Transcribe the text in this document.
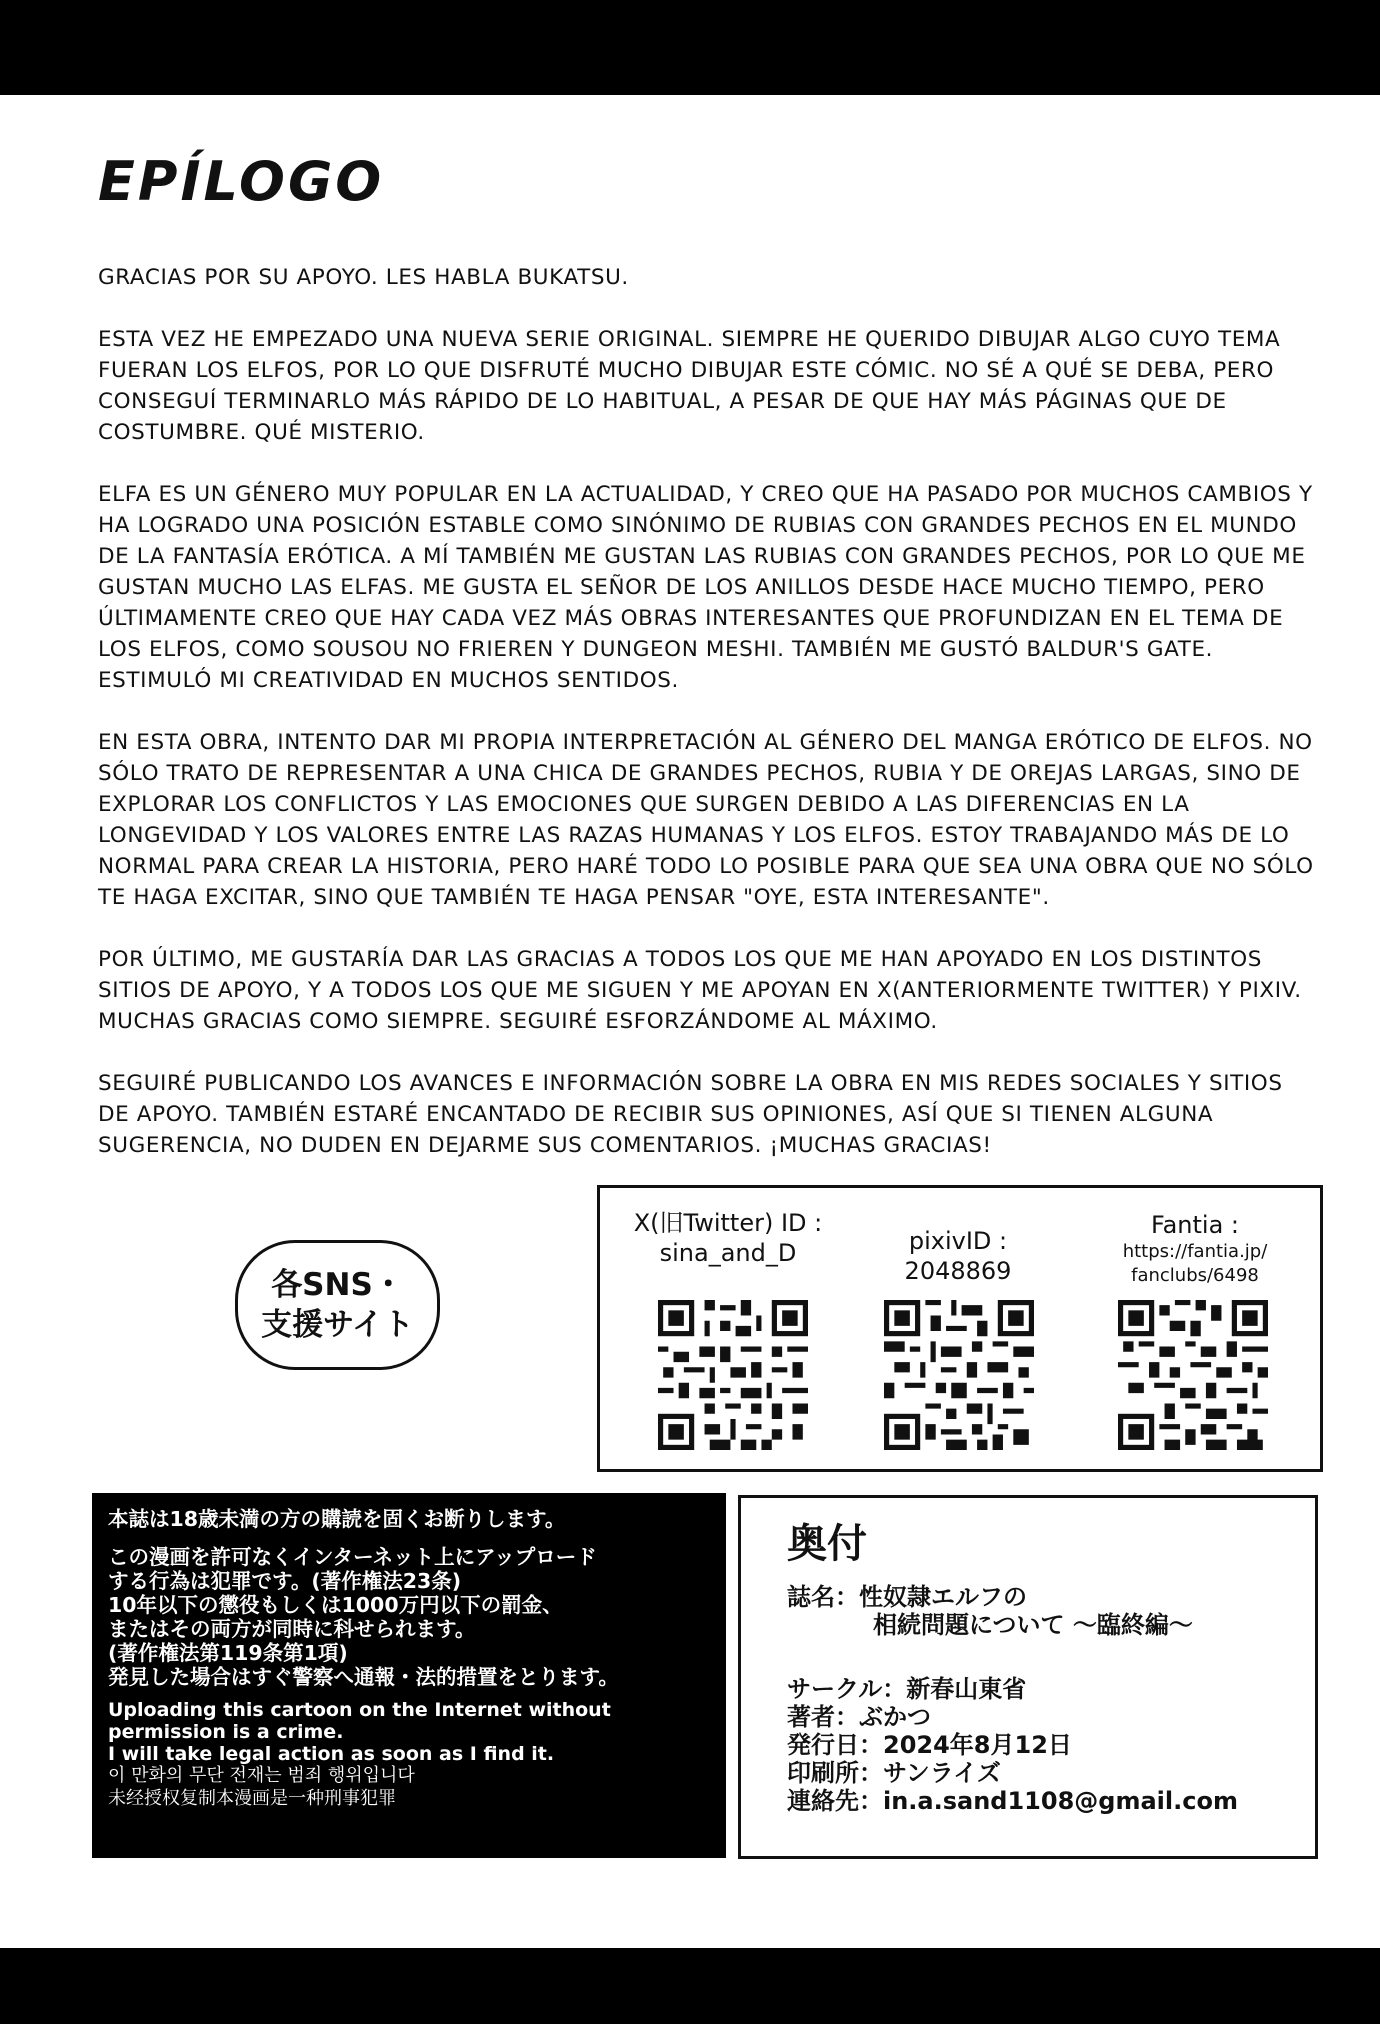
EPÍLOGO

GRACIAS POR SU APOYO. LES HABLA BUKATSU.

ESTA VEZ HE EMPEZADO UNA NUEVA SERIE ORIGINAL. SIEMPRE HE QUERIDO DIBUJAR ALGO CUYO TEMA FUERAN LOS ELFOS, POR LO QUE DISFRUTÉ MUCHO DIBUJAR ESTE CÓMIC. NO SÉ A QUÉ SE DEBA, PERO CONSEGUÍ TERMINARLO MÁS RÁPIDO DE LO HABITUAL, A PESAR DE QUE HAY MÁS PÁGINAS QUE DE COSTUMBRE. QUÉ MISTERIO.

ELFA ES UN GÉNERO MUY POPULAR EN LA ACTUALIDAD, Y CREO QUE HA PASADO POR MUCHOS CAMBIOS Y HA LOGRADO UNA POSICIÓN ESTABLE COMO SINÓNIMO DE RUBIAS CON GRANDES PECHOS EN EL MUNDO DE LA FANTASÍA ERÓTICA. A MÍ TAMBIÉN ME GUSTAN LAS RUBIAS CON GRANDES PECHOS, POR LO QUE ME GUSTAN MUCHO LAS ELFAS. ME GUSTA EL SEÑOR DE LOS ANILLOS DESDE HACE MUCHO TIEMPO, PERO ÚLTIMAMENTE CREO QUE HAY CADA VEZ MÁS OBRAS INTERESANTES QUE PROFUNDIZAN EN EL TEMA DE LOS ELFOS, COMO SOUSOU NO FRIEREN Y DUNGEON MESHI. TAMBIÉN ME GUSTÓ BALDUR'S GATE. ESTIMULÓ MI CREATIVIDAD EN MUCHOS SENTIDOS.

EN ESTA OBRA, INTENTO DAR MI PROPIA INTERPRETACIÓN AL GÉNERO DEL MANGA ERÓTICO DE ELFOS. NO SÓLO TRATO DE REPRESENTAR A UNA CHICA DE GRANDES PECHOS, RUBIA Y DE OREJAS LARGAS, SINO DE EXPLORAR LOS CONFLICTOS Y LAS EMOCIONES QUE SURGEN DEBIDO A LAS DIFERENCIAS EN LA LONGEVIDAD Y LOS VALORES ENTRE LAS RAZAS HUMANAS Y LOS ELFOS. ESTOY TRABAJANDO MÁS DE LO NORMAL PARA CREAR LA HISTORIA, PERO HARÉ TODO LO POSIBLE PARA QUE SEA UNA OBRA QUE NO SÓLO TE HAGA EXCITAR, SINO QUE TAMBIÉN TE HAGA PENSAR "OYE, ESTA INTERESANTE".

POR ÚLTIMO, ME GUSTARÍA DAR LAS GRACIAS A TODOS LOS QUE ME HAN APOYADO EN LOS DISTINTOS SITIOS DE APOYO, Y A TODOS LOS QUE ME SIGUEN Y ME APOYAN EN X(ANTERIORMENTE TWITTER) Y PIXIV. MUCHAS GRACIAS COMO SIEMPRE. SEGUIRÉ ESFORZÁNDOME AL MÁXIMO.

SEGUIRÉ PUBLICANDO LOS AVANCES E INFORMACIÓN SOBRE LA OBRA EN MIS REDES SOCIALES Y SITIOS DE APOYO. TAMBIÉN ESTARÉ ENCANTADO DE RECIBIR SUS OPINIONES, ASÍ QUE SI TIENEN ALGUNA SUGERENCIA, NO DUDEN EN DEJARME SUS COMENTARIOS. ¡MUCHAS GRACIAS!

各SNS・
支援サイト
X(旧Twitter) ID :
sina_and_D	pixivID :
2048869
Fantia :
https://fantia.jp/
fanclubs/6498

本誌は18歳未満の方の購読を固くお断りします。

この漫画を許可なくインターネット上にアップロード

する行為は犯罪です。(著作権法23条)

10年以下の懲役もしくは1000万円以下の罰金、

またはその両方が同時に科せられます。

(著作権法第119条第1項)

発見した場合はすぐ警察へ通報・法的措置をとります。

Uploading this cartoon on the Internet without

permission is a crime.

I will take legal action as soon as I find it.

이 만화의 무단 전재는 범죄 행위입니다

未经授权复制本漫画是一种刑事犯罪

奥付

誌名：性奴隷エルフの

相続問題について 〜臨終編〜

サークル：新春山東省

著者：ぶかつ

発行日：2024年8月12日

印刷所：サンライズ

連絡先：in.a.sand1108@gmail.com
